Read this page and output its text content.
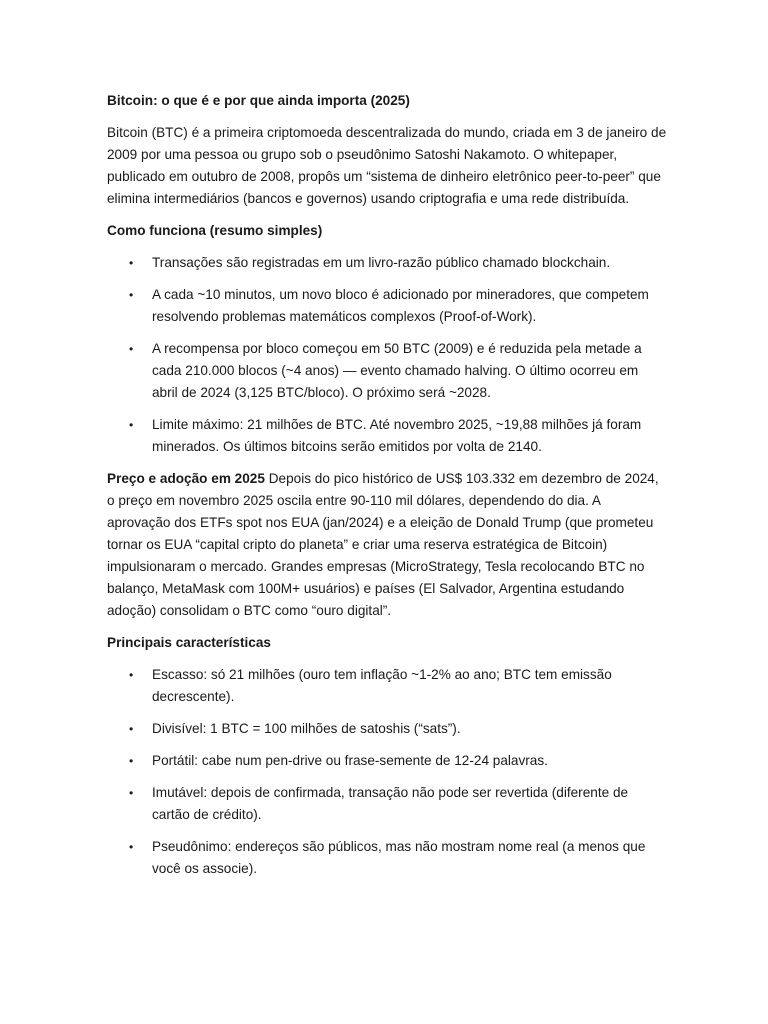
Bitcoin: o que é e por que ainda importa (2025)

Bitcoin (BTC) é a primeira criptomoeda descentralizada do mundo, criada em 3 de janeiro de 2009 por uma pessoa ou grupo sob o pseudônimo Satoshi Nakamoto. O whitepaper, publicado em outubro de 2008, propôs um “sistema de dinheiro eletrônico peer-to-peer” que elimina intermediários (bancos e governos) usando criptografia e uma rede distribuída.

Como funciona (resumo simples)

• Transações são registradas em um livro-razão público chamado blockchain.
• A cada ~10 minutos, um novo bloco é adicionado por mineradores, que competem resolvendo problemas matemáticos complexos (Proof-of-Work).
• A recompensa por bloco começou em 50 BTC (2009) e é reduzida pela metade a cada 210.000 blocos (~4 anos) — evento chamado halving. O último ocorreu em abril de 2024 (3,125 BTC/bloco). O próximo será ~2028.
• Limite máximo: 21 milhões de BTC. Até novembro 2025, ~19,88 milhões já foram minerados. Os últimos bitcoins serão emitidos por volta de 2140.

Preço e adoção em 2025 Depois do pico histórico de US$ 103.332 em dezembro de 2024, o preço em novembro 2025 oscila entre 90-110 mil dólares, dependendo do dia. A aprovação dos ETFs spot nos EUA (jan/2024) e a eleição de Donald Trump (que prometeu tornar os EUA “capital cripto do planeta” e criar uma reserva estratégica de Bitcoin) impulsionaram o mercado. Grandes empresas (MicroStrategy, Tesla recolocando BTC no balanço, MetaMask com 100M+ usuários) e países (El Salvador, Argentina estudando adoção) consolidam o BTC como “ouro digital”.

Principais características

• Escasso: só 21 milhões (ouro tem inflação ~1-2% ao ano; BTC tem emissão decrescente).
• Divisível: 1 BTC = 100 milhões de satoshis (“sats”).
• Portátil: cabe num pen-drive ou frase-semente de 12-24 palavras.
• Imutável: depois de confirmada, transação não pode ser revertida (diferente de cartão de crédito).
• Pseudônimo: endereços são públicos, mas não mostram nome real (a menos que você os associe).
